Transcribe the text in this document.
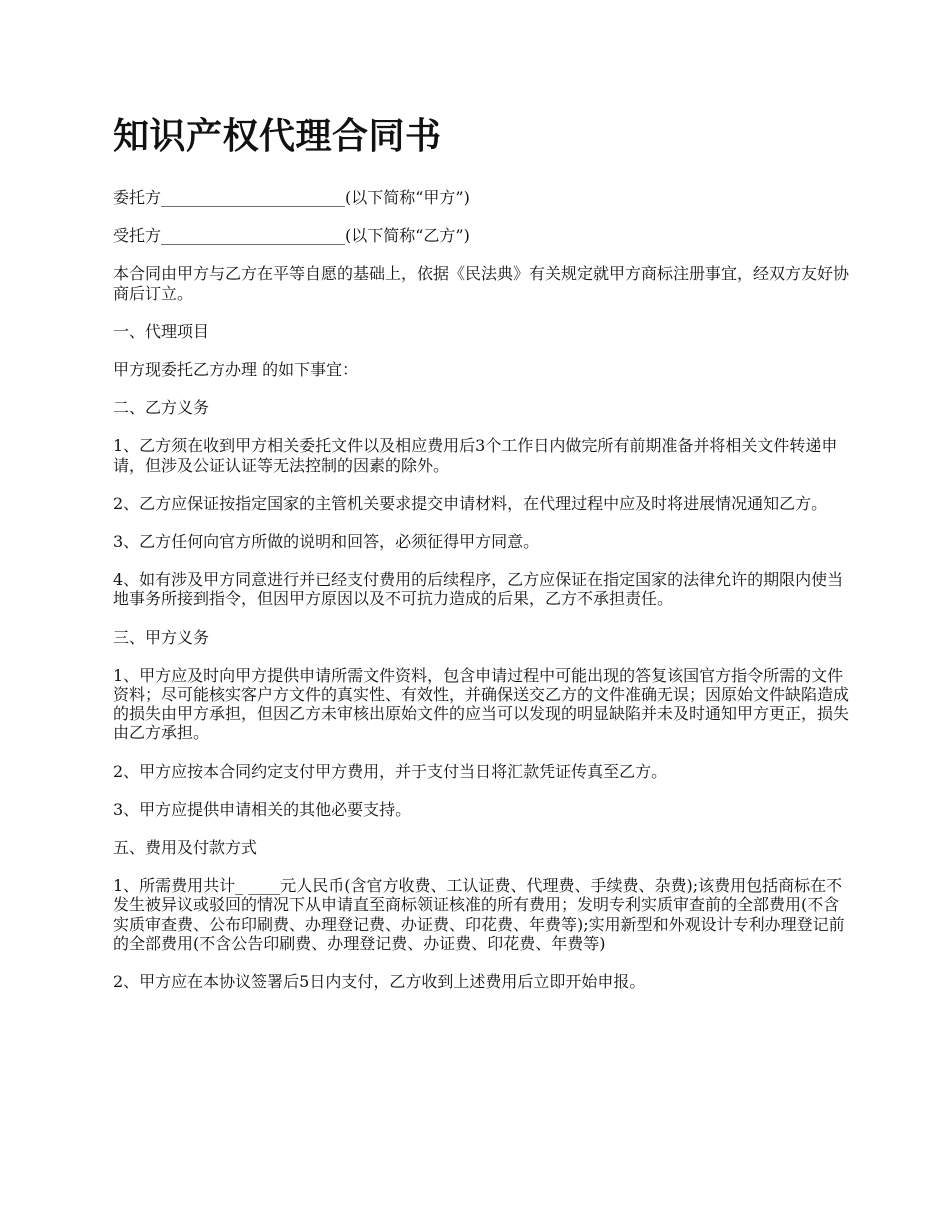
知识产权代理合同书

委托方_______________________(以下简称“甲方”)

受托方_______________________(以下简称“乙方”)

本合同由甲方与乙方在平等自愿的基础上，依据《民法典》有关规定就甲方商标注册事宜，经双方友好协商后订立。

一、代理项目

甲方现委托乙方办理 的如下事宜：

二、乙方义务

1、乙方须在收到甲方相关委托文件以及相应费用后3个工作日内做完所有前期准备并将相关文件转递申请，但涉及公证认证等无法控制的因素的除外。

2、乙方应保证按指定国家的主管机关要求提交申请材料，在代理过程中应及时将进展情况通知乙方。

3、乙方任何向官方所做的说明和回答，必须征得甲方同意。

4、如有涉及甲方同意进行并已经支付费用的后续程序，乙方应保证在指定国家的法律允许的期限内使当地事务所接到指令，但因甲方原因以及不可抗力造成的后果，乙方不承担责任。

三、甲方义务

1、甲方应及时向甲方提供申请所需文件资料，包含申请过程中可能出现的答复该国官方指令所需的文件资料；尽可能核实客户方文件的真实性、有效性，并确保送交乙方的文件准确无误；因原始文件缺陷造成的损失由甲方承担，但因乙方未审核出原始文件的应当可以发现的明显缺陷并未及时通知甲方更正，损失由乙方承担。

2、甲方应按本合同约定支付甲方费用，并于支付当日将汇款凭证传真至乙方。

3、甲方应提供申请相关的其他必要支持。

五、费用及付款方式

1、所需费用共计_ ____元人民币(含官方收费、工认证费、代理费、手续费、杂费);该费用包括商标在不发生被异议或驳回的情况下从申请直至商标领证核准的所有费用；发明专利实质审查前的全部费用(不含实质审查费、公布印刷费、办理登记费、办证费、印花费、年费等);实用新型和外观设计专利办理登记前的全部费用(不含公告印刷费、办理登记费、办证费、印花费、年费等)

2、甲方应在本协议签署后5日内支付，乙方收到上述费用后立即开始申报。
